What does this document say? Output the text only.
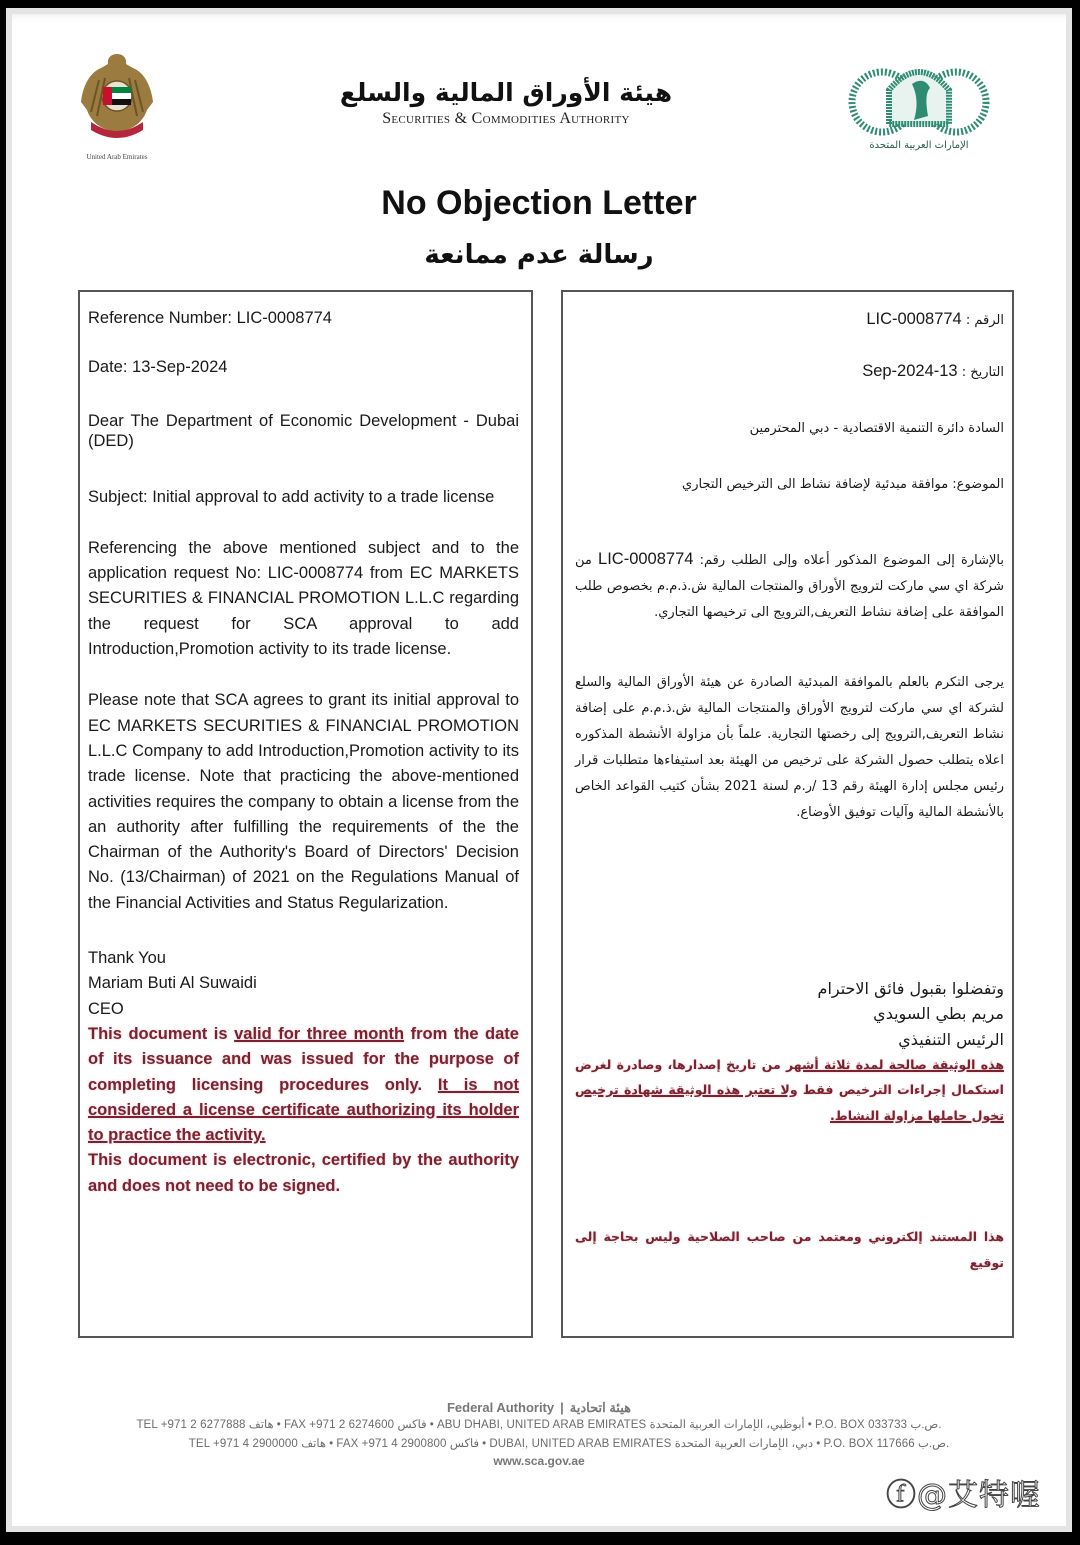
United Arab Emirates
هيئة الأوراق المالية والسلع
Securities & Commodities Authority
الإمارات العربية المتحدة
No Objection Letter
رسالة عدم ممانعة

Reference Number: LIC-0008774

Date: 13-Sep-2024

Dear The Department of Economic Development - Dubai (DED)

Subject: Initial approval to add activity to a trade license

Referencing the above mentioned subject and to the application request No: LIC-0008774 from EC MARKETS SECURITIES & FINANCIAL PROMOTION L.L.C regarding the request for SCA approval to add Introduction,Promotion activity to its trade license.

Please note that SCA agrees to grant its initial approval to EC MARKETS SECURITIES & FINANCIAL PROMOTION L.L.C Company to add Introduction,Promotion activity to its trade license. Note that practicing the above-mentioned activities requires the company to obtain a license from the an authority after fulfilling the requirements of the the Chairman of the Authority's Board of Directors' Decision No. (13/Chairman) of 2021 on the Regulations Manual of the Financial Activities and Status Regularization.

Thank You
Mariam Buti Al Suwaidi
CEO

This document is valid for three month from the date of its issuance and was issued for the purpose of completing licensing procedures only. It is not considered a license certificate authorizing its holder to practice the activity.

This document is electronic, certified by the authority and does not need to be signed.

الرقم : LIC-0008774

التاريخ : Sep-2024-13

السادة دائرة التنمية الاقتصادية - دبي المحترمين

الموضوع: موافقة مبدئية لإضافة نشاط الى الترخيص التجاري

بالإشارة إلى الموضوع المذكور أعلاه وإلى الطلب رقم: LIC-0008774 من شركة اي سي ماركت لترويج الأوراق والمنتجات المالية ش.ذ.م.م بخصوص طلب الموافقة على إضافة نشاط التعريف,الترويج الى ترخيصها التجاري.

يرجى التكرم بالعلم بالموافقة المبدئية الصادرة عن هيئة الأوراق المالية والسلع لشركة اي سي ماركت لترويج الأوراق والمنتجات المالية ش.ذ.م.م على إضافة نشاط التعريف,الترويج إلى رخصتها التجارية. علماً بأن مزاولة الأنشطة المذكوره اعلاه يتطلب حصول الشركة على ترخيص من الهيئة بعد استيفاءها متطلبات قرار رئيس مجلس إدارة الهيئة رقم 13 /ر.م لسنة 2021 بشأن كتيب القواعد الخاص بالأنشطة المالية وآليات توفيق الأوضاع.

وتفضلوا بقبول فائق الاحترام
مريم بطي السويدي
الرئيس التنفيذي

هذه الوثيقة صالحة لمدة ثلاثة أشهر من تاريخ إصدارها، وصادرة لغرض استكمال إجراءات الترخيص فقط ولا تعتبر هذه الوثيقة شهادة ترخيص تخول حاملها مزاولة النشاط.

هذا المستند إلكتروني ومعتمد من صاحب الصلاحية وليس بحاجة إلى توقيع

Federal Authority | هيئة اتحادية
TEL +971 2 6277888 هاتف • FAX +971 2 6274600 فاكس • ABU DHABI, UNITED ARAB EMIRATES أبوظبي، الإمارات العربية المتحدة • P.O. BOX 033733 ص.ب.
TEL +971 4 2900000 هاتف • FAX +971 4 2900800 فاكس • DUBAI, UNITED ARAB EMIRATES دبي، الإمارات العربية المتحدة • P.O. BOX 117666 ص.ب.
www.sca.gov.ae
ⓕ@艾特喔
